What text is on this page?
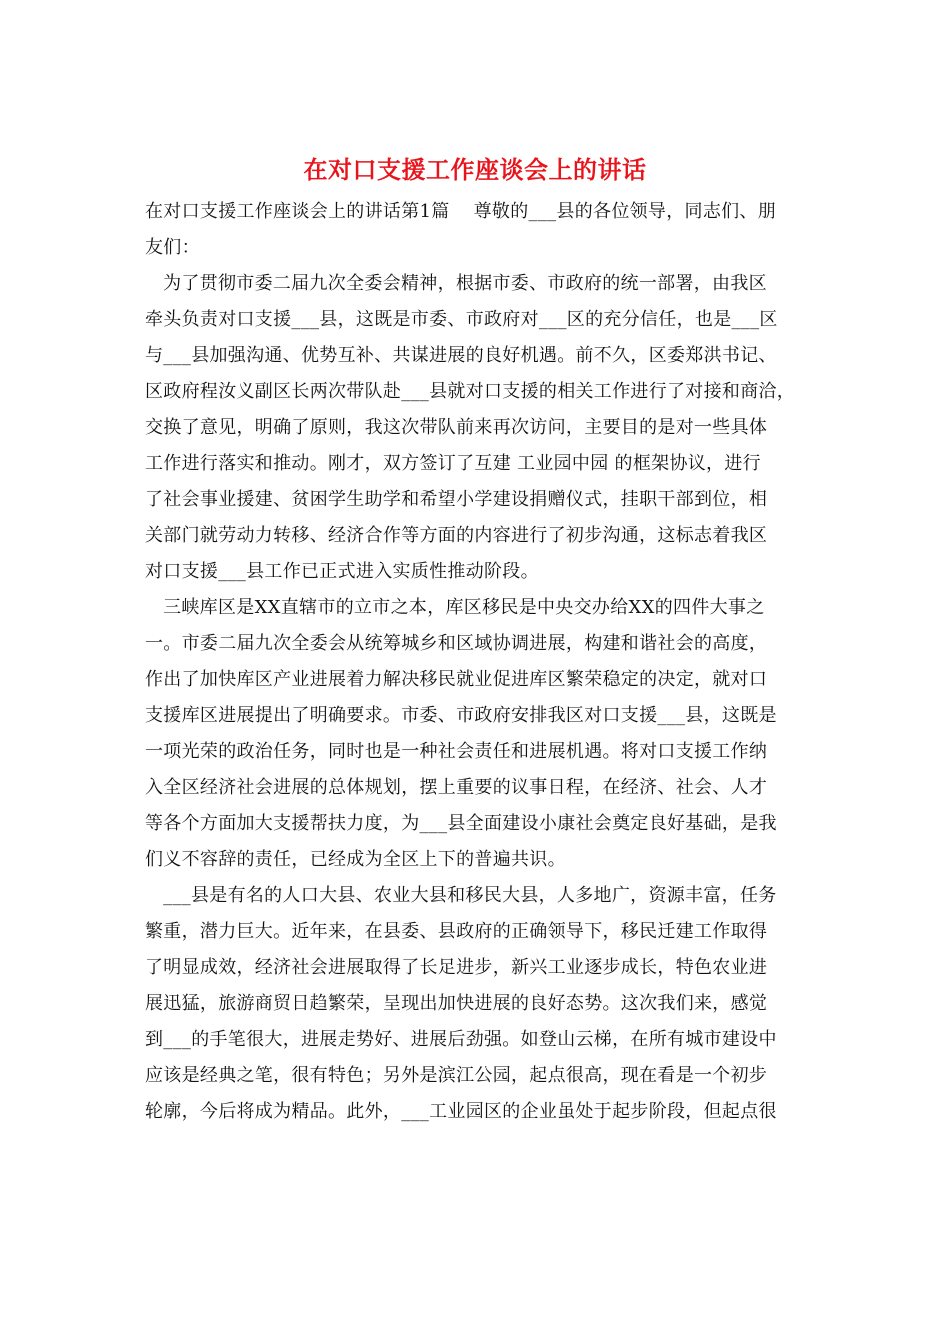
在对口支援工作座谈会上的讲话
在对口支援工作座谈会上的讲话第1篇    尊敬的___县的各位领导，同志们、朋
友们：
为了贯彻市委二届九次全委会精神，根据市委、市政府的统一部署，由我区
牵头负责对口支援___县，这既是市委、市政府对___区的充分信任，也是___区
与___县加强沟通、优势互补、共谋进展的良好机遇。前不久，区委郑洪书记、
区政府程汝义副区长两次带队赴___县就对口支援的相关工作进行了对接和商洽，
交换了意见，明确了原则，我这次带队前来再次访问，主要目的是对一些具体
工作进行落实和推动。刚才，双方签订了互建 工业园中园 的框架协议，进行
了社会事业援建、贫困学生助学和希望小学建设捐赠仪式，挂职干部到位，相
关部门就劳动力转移、经济合作等方面的内容进行了初步沟通，这标志着我区
对口支援___县工作已正式进入实质性推动阶段。
三峡库区是XX直辖市的立市之本，库区移民是中央交办给XX的四件大事之
一。市委二届九次全委会从统筹城乡和区域协调进展，构建和谐社会的高度，
作出了加快库区产业进展着力解决移民就业促进库区繁荣稳定的决定，就对口
支援库区进展提出了明确要求。市委、市政府安排我区对口支援___县，这既是
一项光荣的政治任务，同时也是一种社会责任和进展机遇。将对口支援工作纳
入全区经济社会进展的总体规划，摆上重要的议事日程，在经济、社会、人才
等各个方面加大支援帮扶力度，为___县全面建设小康社会奠定良好基础，是我
们义不容辞的责任，已经成为全区上下的普遍共识。
___县是有名的人口大县、农业大县和移民大县，人多地广，资源丰富，任务
繁重，潜力巨大。近年来，在县委、县政府的正确领导下，移民迁建工作取得
了明显成效，经济社会进展取得了长足进步，新兴工业逐步成长，特色农业进
展迅猛，旅游商贸日趋繁荣，呈现出加快进展的良好态势。这次我们来，感觉
到___的手笔很大，进展走势好、进展后劲强。如登山云梯，在所有城市建设中
应该是经典之笔，很有特色；另外是滨江公园，起点很高，现在看是一个初步
轮廓，今后将成为精品。此外，___工业园区的企业虽处于起步阶段，但起点很
